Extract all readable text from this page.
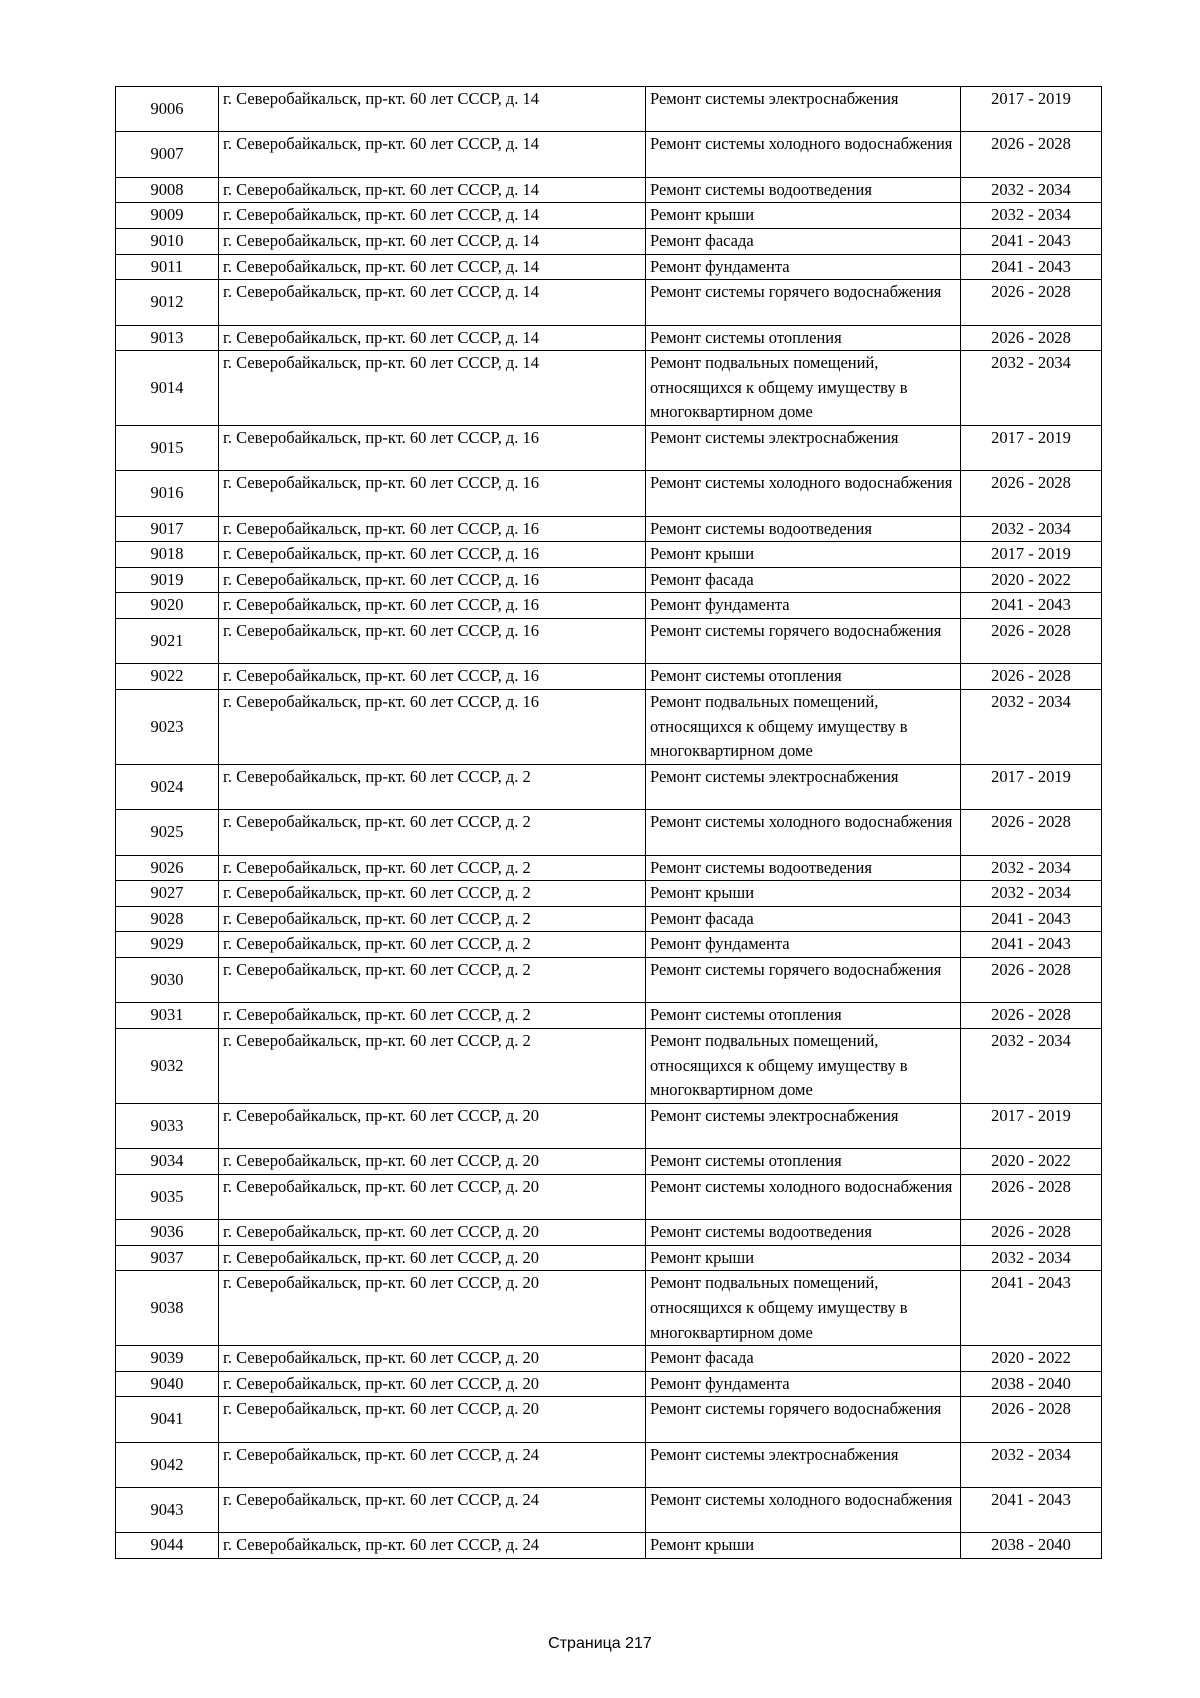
9006	г. Северобайкальск, пр-кт. 60 лет СССР, д. 14	Ремонт системы электроснабжения	2017 - 2019
9007	г. Северобайкальск, пр-кт. 60 лет СССР, д. 14	Ремонт системы холодного водоснабжения	2026 - 2028
9008	г. Северобайкальск, пр-кт. 60 лет СССР, д. 14	Ремонт системы водоотведения	2032 - 2034
9009	г. Северобайкальск, пр-кт. 60 лет СССР, д. 14	Ремонт крыши	2032 - 2034
9010	г. Северобайкальск, пр-кт. 60 лет СССР, д. 14	Ремонт фасада	2041 - 2043
9011	г. Северобайкальск, пр-кт. 60 лет СССР, д. 14	Ремонт фундамента	2041 - 2043
9012	г. Северобайкальск, пр-кт. 60 лет СССР, д. 14	Ремонт системы горячего водоснабжения	2026 - 2028
9013	г. Северобайкальск, пр-кт. 60 лет СССР, д. 14	Ремонт системы отопления	2026 - 2028
9014	г. Северобайкальск, пр-кт. 60 лет СССР, д. 14	Ремонт подвальных помещений, относящихся к общему имуществу в многоквартирном доме	2032 - 2034
9015	г. Северобайкальск, пр-кт. 60 лет СССР, д. 16	Ремонт системы электроснабжения	2017 - 2019
9016	г. Северобайкальск, пр-кт. 60 лет СССР, д. 16	Ремонт системы холодного водоснабжения	2026 - 2028
9017	г. Северобайкальск, пр-кт. 60 лет СССР, д. 16	Ремонт системы водоотведения	2032 - 2034
9018	г. Северобайкальск, пр-кт. 60 лет СССР, д. 16	Ремонт крыши	2017 - 2019
9019	г. Северобайкальск, пр-кт. 60 лет СССР, д. 16	Ремонт фасада	2020 - 2022
9020	г. Северобайкальск, пр-кт. 60 лет СССР, д. 16	Ремонт фундамента	2041 - 2043
9021	г. Северобайкальск, пр-кт. 60 лет СССР, д. 16	Ремонт системы горячего водоснабжения	2026 - 2028
9022	г. Северобайкальск, пр-кт. 60 лет СССР, д. 16	Ремонт системы отопления	2026 - 2028
9023	г. Северобайкальск, пр-кт. 60 лет СССР, д. 16	Ремонт подвальных помещений, относящихся к общему имуществу в многоквартирном доме	2032 - 2034
9024	г. Северобайкальск, пр-кт. 60 лет СССР, д. 2	Ремонт системы электроснабжения	2017 - 2019
9025	г. Северобайкальск, пр-кт. 60 лет СССР, д. 2	Ремонт системы холодного водоснабжения	2026 - 2028
9026	г. Северобайкальск, пр-кт. 60 лет СССР, д. 2	Ремонт системы водоотведения	2032 - 2034
9027	г. Северобайкальск, пр-кт. 60 лет СССР, д. 2	Ремонт крыши	2032 - 2034
9028	г. Северобайкальск, пр-кт. 60 лет СССР, д. 2	Ремонт фасада	2041 - 2043
9029	г. Северобайкальск, пр-кт. 60 лет СССР, д. 2	Ремонт фундамента	2041 - 2043
9030	г. Северобайкальск, пр-кт. 60 лет СССР, д. 2	Ремонт системы горячего водоснабжения	2026 - 2028
9031	г. Северобайкальск, пр-кт. 60 лет СССР, д. 2	Ремонт системы отопления	2026 - 2028
9032	г. Северобайкальск, пр-кт. 60 лет СССР, д. 2	Ремонт подвальных помещений, относящихся к общему имуществу в многоквартирном доме	2032 - 2034
9033	г. Северобайкальск, пр-кт. 60 лет СССР, д. 20	Ремонт системы электроснабжения	2017 - 2019
9034	г. Северобайкальск, пр-кт. 60 лет СССР, д. 20	Ремонт системы отопления	2020 - 2022
9035	г. Северобайкальск, пр-кт. 60 лет СССР, д. 20	Ремонт системы холодного водоснабжения	2026 - 2028
9036	г. Северобайкальск, пр-кт. 60 лет СССР, д. 20	Ремонт системы водоотведения	2026 - 2028
9037	г. Северобайкальск, пр-кт. 60 лет СССР, д. 20	Ремонт крыши	2032 - 2034
9038	г. Северобайкальск, пр-кт. 60 лет СССР, д. 20	Ремонт подвальных помещений, относящихся к общему имуществу в многоквартирном доме	2041 - 2043
9039	г. Северобайкальск, пр-кт. 60 лет СССР, д. 20	Ремонт фасада	2020 - 2022
9040	г. Северобайкальск, пр-кт. 60 лет СССР, д. 20	Ремонт фундамента	2038 - 2040
9041	г. Северобайкальск, пр-кт. 60 лет СССР, д. 20	Ремонт системы горячего водоснабжения	2026 - 2028
9042	г. Северобайкальск, пр-кт. 60 лет СССР, д. 24	Ремонт системы электроснабжения	2032 - 2034
9043	г. Северобайкальск, пр-кт. 60 лет СССР, д. 24	Ремонт системы холодного водоснабжения	2041 - 2043
9044	г. Северобайкальск, пр-кт. 60 лет СССР, д. 24	Ремонт крыши	2038 - 2040
Страница 217
